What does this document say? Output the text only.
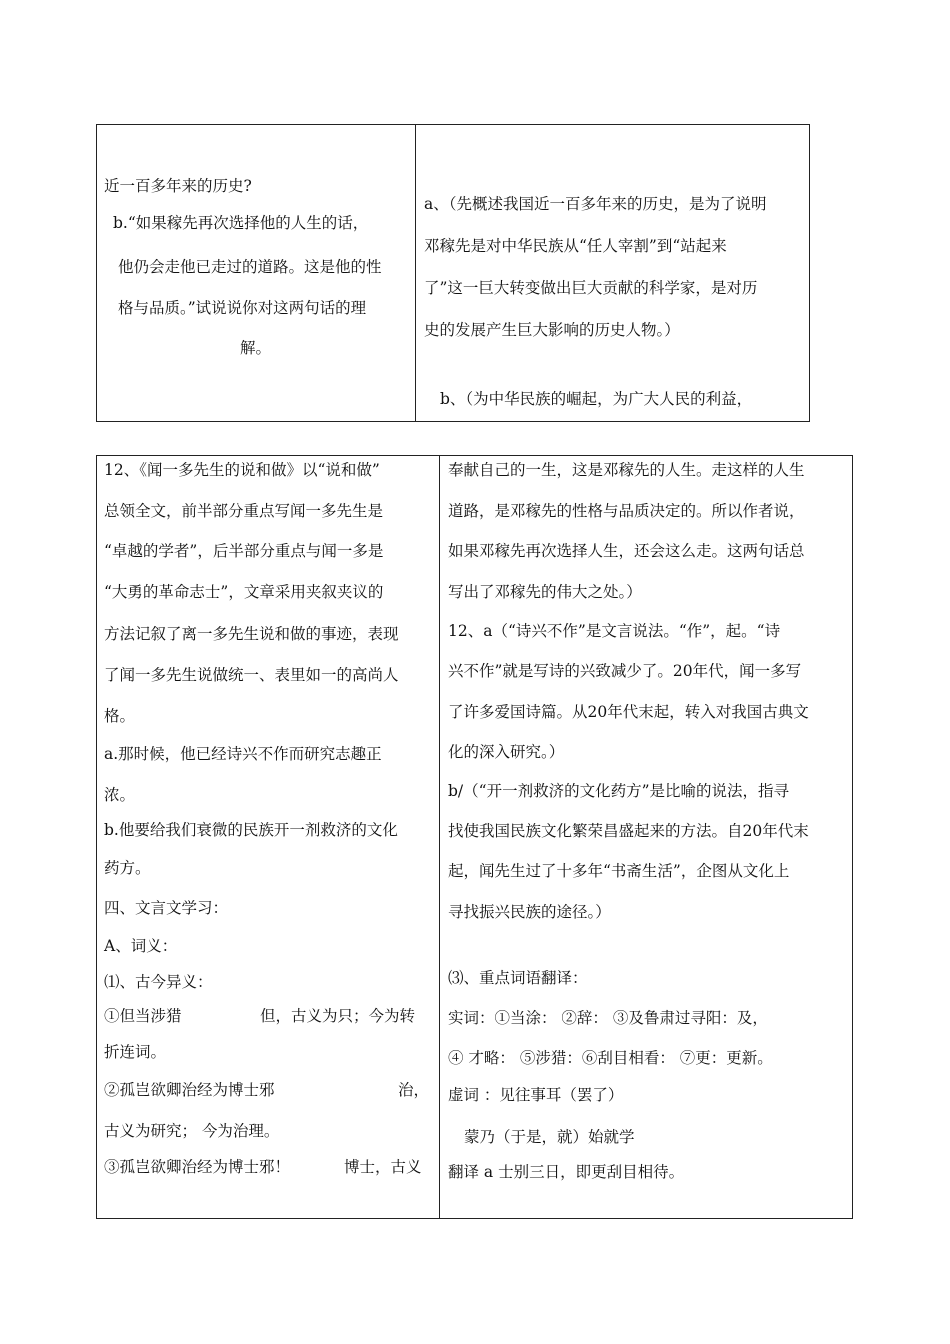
近一百多年来的历史?
b.“如果稼先再次选择他的人生的话，
他仍会走他已走过的道路。这是他的性
格与品质。”试说说你对这两句话的理
解。
a、（先概述我国近一百多年来的历史，是为了说明
邓稼先是对中华民族从“任人宰割”到“站起来
了”这一巨大转变做出巨大贡献的科学家，是对历
史的发展产生巨大影响的历史人物。）
b、（为中华民族的崛起，为广大人民的利益，
12、《闻一多先生的说和做》以“说和做”
总领全文，前半部分重点写闻一多先生是
“卓越的学者”，后半部分重点与闻一多是
“大勇的革命志士”，文章采用夹叙夹议的
方法记叙了离一多先生说和做的事迹，表现
了闻一多先生说做统一、表里如一的高尚人
格。
a.那时候，他已经诗兴不作而研究志趣正
浓。
b.他要给我们衰微的民族开一剂救济的文化
药方。
四、文言文学习：
A、词义：
⑴、古今异义：
①但当涉猎	但，古义为只；今为转
折连词。
②孤岂欲卿治经为博士邪	治，
古义为研究； 今为治理。
③孤岂欲卿治经为博士邪！	博士，古义
奉献自己的一生，这是邓稼先的人生。走这样的人生
道路，是邓稼先的性格与品质决定的。所以作者说，
如果邓稼先再次选择人生，还会这么走。这两句话总
写出了邓稼先的伟大之处。）
12、a（“诗兴不作”是文言说法。“作”，起。“诗
兴不作”就是写诗的兴致减少了。20年代，闻一多写
了许多爱国诗篇。从20年代末起，转入对我国古典文
化的深入研究。）
b/（“开一剂救济的文化药方”是比喻的说法，指寻
找使我国民族文化繁荣昌盛起来的方法。自20年代末
起，闻先生过了十多年“书斋生活”，企图从文化上
寻找振兴民族的途径。）
⑶、重点词语翻译：
实词：①当涂： ②辞： ③及鲁肃过寻阳：及，
④ 才略： ⑤涉猎：⑥刮目相看： ⑦更：更新。
虚词 ：见往事耳（罢了）
蒙乃（于是，就）始就学
翻译 a 士别三日，即更刮目相待。
